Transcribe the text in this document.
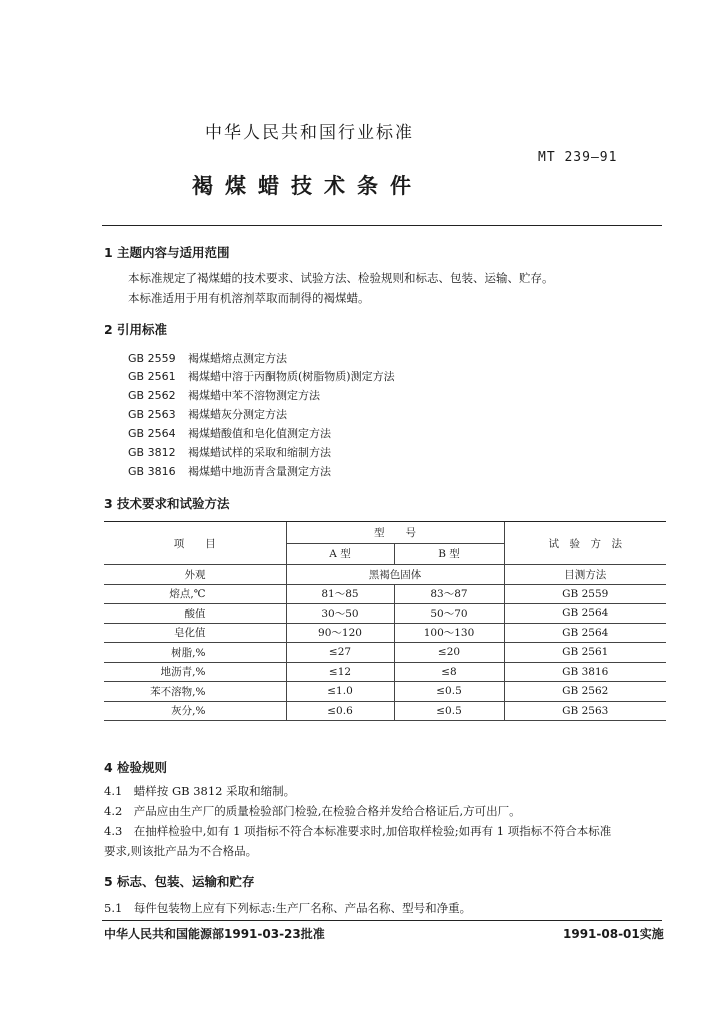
中华人民共和国行业标准
MT 239—91
褐煤蜡技术条件
1 主题内容与适用范围
本标准规定了褐煤蜡的技术要求、试验方法、检验规则和标志、包装、运输、贮存。
本标准适用于用有机溶剂萃取而制得的褐煤蜡。
2 引用标准
GB 2559 褐煤蜡熔点测定方法
GB 2561 褐煤蜡中溶于丙酮物质(树脂物质)测定方法
GB 2562 褐煤蜡中苯不溶物测定方法
GB 2563 褐煤蜡灰分测定方法
GB 2564 褐煤蜡酸值和皂化值测定方法
GB 3812 褐煤蜡试样的采取和缩制方法
GB 3816 褐煤蜡中地沥青含量测定方法
3 技术要求和试验方法
项　　目	型　　号		试　验　方　法
	A 型	B 型	
外观	黑褐色固体		目测方法
熔点,℃	81～85	83～87	GB 2559
酸值	30～50	50～70	GB 2564
皂化值	90～120	100～130	GB 2564
树脂,%	≤27	≤20	GB 2561
地沥青,%	≤12	≤8	GB 3816
苯不溶物,%	≤1.0	≤0.5	GB 2562
灰分,%	≤0.6	≤0.5	GB 2563
4 检验规则
4.1　蜡样按 GB 3812 采取和缩制。
4.2　产品应由生产厂的质量检验部门检验,在检验合格并发给合格证后,方可出厂。
4.3　在抽样检验中,如有 1 项指标不符合本标准要求时,加倍取样检验;如再有 1 项指标不符合本标准
要求,则该批产品为不合格品。
5 标志、包装、运输和贮存
5.1　每件包装物上应有下列标志:生产厂名称、产品名称、型号和净重。
中华人民共和国能源部1991-03-23批准	1991-08-01实施
